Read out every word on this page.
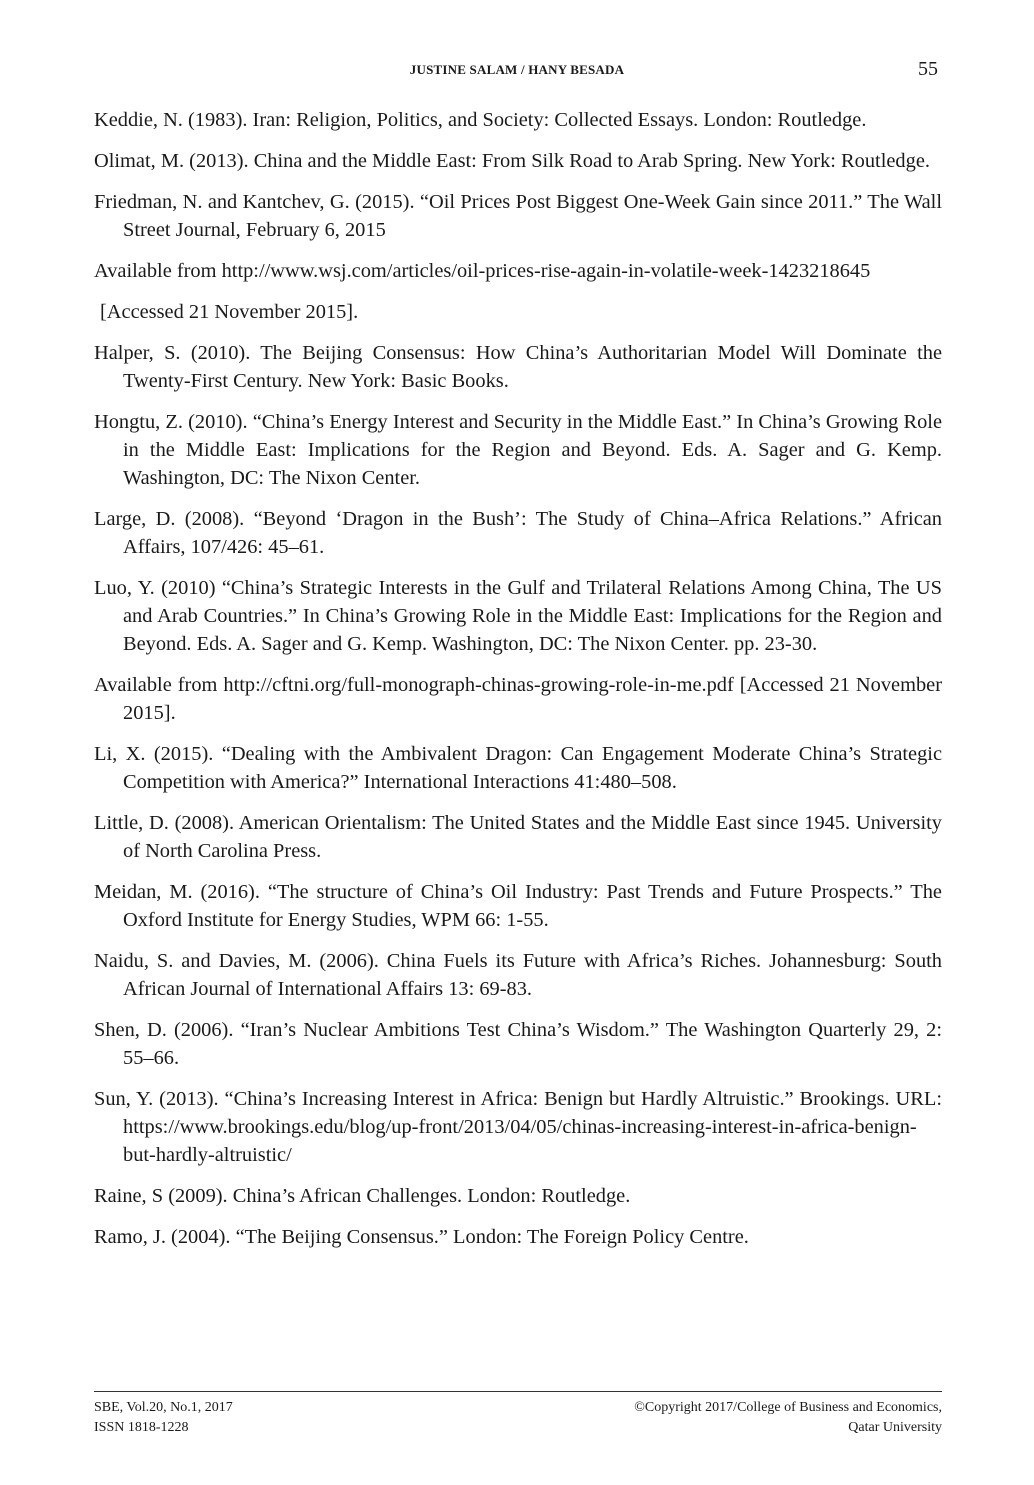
JUSTINE SALAM / HANY BESADA	55
Keddie, N. (1983). Iran: Religion, Politics, and Society: Collected Essays. London: Routledge.
Olimat, M. (2013). China and the Middle East: From Silk Road to Arab Spring. New York: Routledge.
Friedman, N. and Kantchev, G. (2015). “Oil Prices Post Biggest One-Week Gain since 2011.” The Wall Street Journal, February 6, 2015
Available from http://www.wsj.com/articles/oil-prices-rise-again-in-volatile-week-1423218645
[Accessed 21 November 2015].
Halper, S. (2010). The Beijing Consensus: How China’s Authoritarian Model Will Dominate the Twenty-First Century. New York: Basic Books.
Hongtu, Z. (2010). “China’s Energy Interest and Security in the Middle East.” In China’s Growing Role in the Middle East: Implications for the Region and Beyond. Eds. A. Sager and G. Kemp. Washington, DC: The Nixon Center.
Large, D. (2008). “Beyond ‘Dragon in the Bush’: The Study of China–Africa Relations.” African Affairs, 107/426: 45–61.
Luo, Y. (2010) “China’s Strategic Interests in the Gulf and Trilateral Relations Among China, The US and Arab Countries.” In China’s Growing Role in the Middle East: Implications for the Region and Beyond. Eds. A. Sager and G. Kemp. Washington, DC: The Nixon Center. pp. 23-30.
Available from http://cftni.org/full-monograph-chinas-growing-role-in-me.pdf [Accessed 21 November 2015].
Li, X. (2015). “Dealing with the Ambivalent Dragon: Can Engagement Moderate China’s Strategic Competition with America?” International Interactions 41:480–508.
Little, D. (2008). American Orientalism: The United States and the Middle East since 1945. University of North Carolina Press.
Meidan, M. (2016). “The structure of China’s Oil Industry: Past Trends and Future Prospects.” The Oxford Institute for Energy Studies, WPM 66: 1-55.
Naidu, S. and Davies, M. (2006). China Fuels its Future with Africa’s Riches. Johannesburg: South African Journal of International Affairs 13: 69-83.
Shen, D. (2006). “Iran’s Nuclear Ambitions Test China’s Wisdom.” The Washington Quarterly 29, 2: 55–66.
Sun, Y. (2013). “China’s Increasing Interest in Africa: Benign but Hardly Altruistic.” Brookings. URL: https://www.brookings.edu/blog/up-front/2013/04/05/chinas-increasing-interest-in-africa-benign-but-hardly-altruistic/
Raine, S (2009). China’s African Challenges. London: Routledge.
Ramo, J. (2004). “The Beijing Consensus.” London: The Foreign Policy Centre.
SBE, Vol.20, No.1, 2017
ISSN 1818-1228
©Copyright 2017/College of Business and Economics,
Qatar University
